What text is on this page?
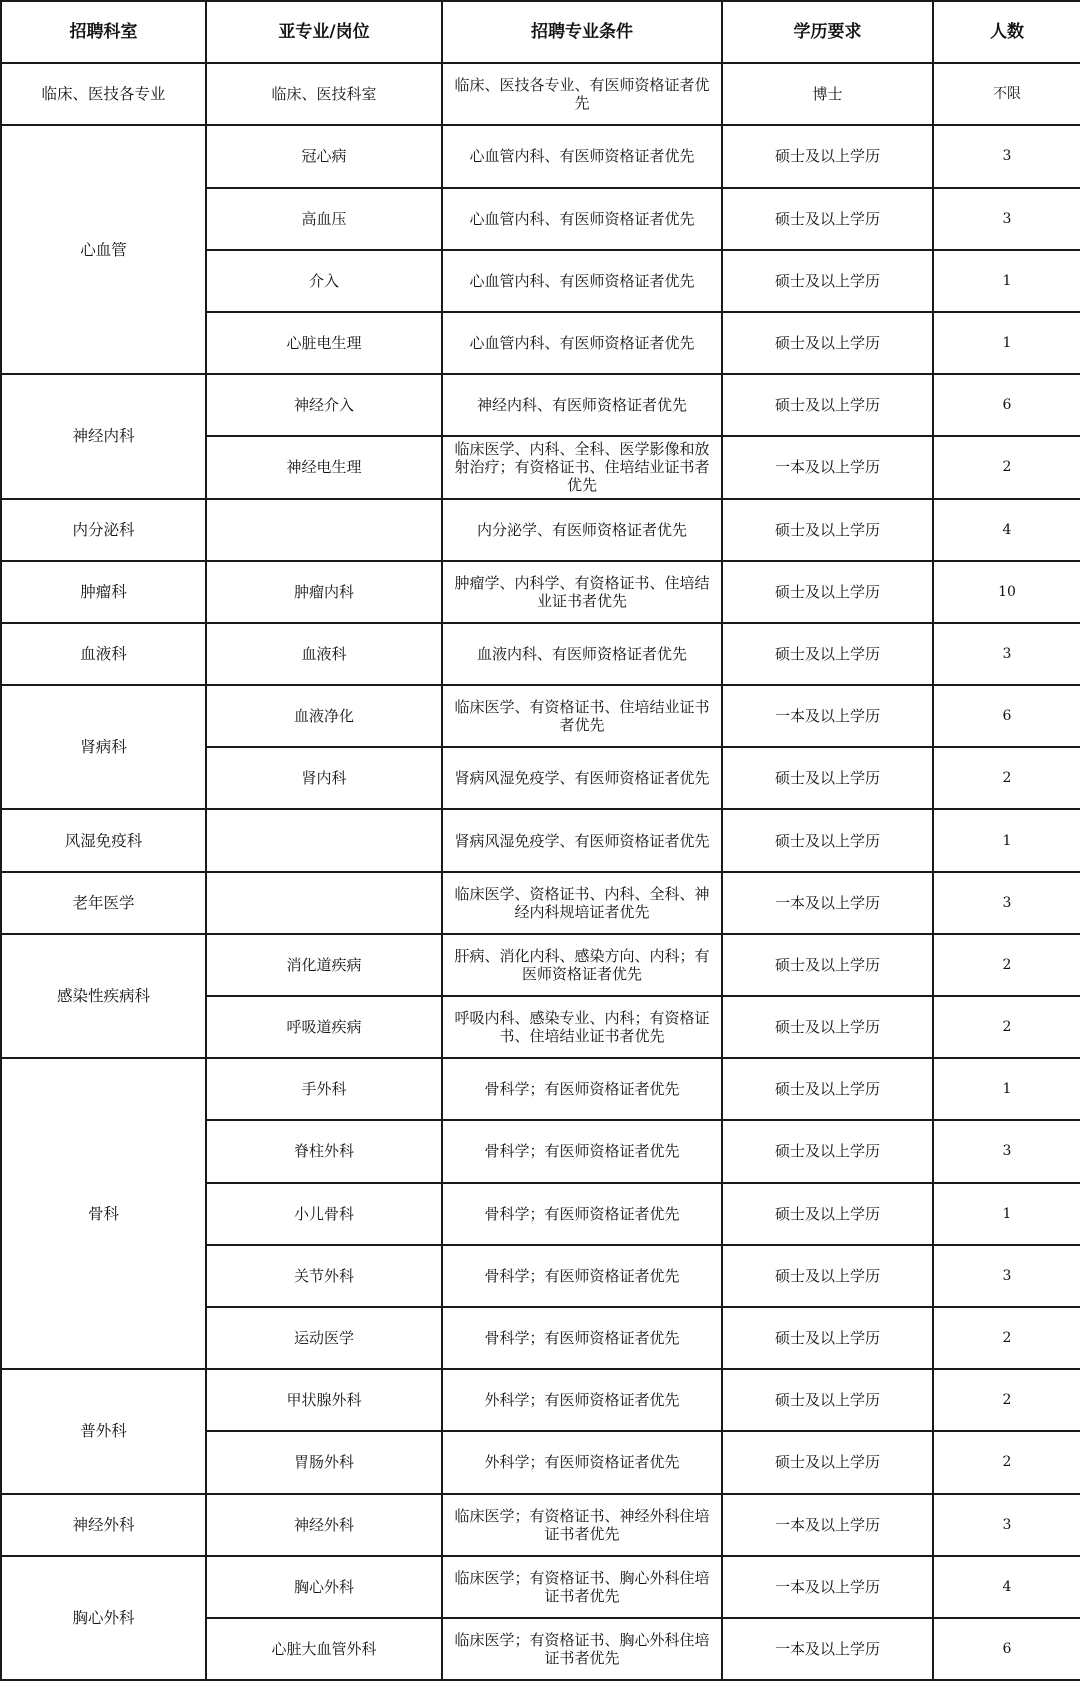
招聘科室	亚专业/岗位	招聘专业条件	学历要求	人数
临床、医技各专业	临床、医技科室	临床、医技各专业、有医师资格证者优先	博士	不限
心血管	冠心病	心血管内科、有医师资格证者优先	硕士及以上学历	3
	高血压	心血管内科、有医师资格证者优先	硕士及以上学历	3
	介入	心血管内科、有医师资格证者优先	硕士及以上学历	1
	心脏电生理	心血管内科、有医师资格证者优先	硕士及以上学历	1
神经内科	神经介入	神经内科、有医师资格证者优先	硕士及以上学历	6
	神经电生理	临床医学、内科、全科、医学影像和放射治疗；有资格证书、住培结业证书者优先	一本及以上学历	2
内分泌科		内分泌学、有医师资格证者优先	硕士及以上学历	4
肿瘤科	肿瘤内科	肿瘤学、内科学、有资格证书、住培结业证书者优先	硕士及以上学历	10
血液科	血液科	血液内科、有医师资格证者优先	硕士及以上学历	3
肾病科	血液净化	临床医学、有资格证书、住培结业证书者优先	一本及以上学历	6
	肾内科	肾病风湿免疫学、有医师资格证者优先	硕士及以上学历	2
风湿免疫科		肾病风湿免疫学、有医师资格证者优先	硕士及以上学历	1
老年医学		临床医学、资格证书、内科、全科、神经内科规培证者优先	一本及以上学历	3
感染性疾病科	消化道疾病	肝病、消化内科、感染方向、内科；有医师资格证者优先	硕士及以上学历	2
	呼吸道疾病	呼吸内科、感染专业、内科；有资格证书、住培结业证书者优先	硕士及以上学历	2
骨科	手外科	骨科学；有医师资格证者优先	硕士及以上学历	1
	脊柱外科	骨科学；有医师资格证者优先	硕士及以上学历	3
	小儿骨科	骨科学；有医师资格证者优先	硕士及以上学历	1
	关节外科	骨科学；有医师资格证者优先	硕士及以上学历	3
	运动医学	骨科学；有医师资格证者优先	硕士及以上学历	2
普外科	甲状腺外科	外科学；有医师资格证者优先	硕士及以上学历	2
	胃肠外科	外科学；有医师资格证者优先	硕士及以上学历	2
神经外科	神经外科	临床医学；有资格证书、神经外科住培证书者优先	一本及以上学历	3
胸心外科	胸心外科	临床医学；有资格证书、胸心外科住培证书者优先	一本及以上学历	4
	心脏大血管外科	临床医学；有资格证书、胸心外科住培证书者优先	一本及以上学历	6
